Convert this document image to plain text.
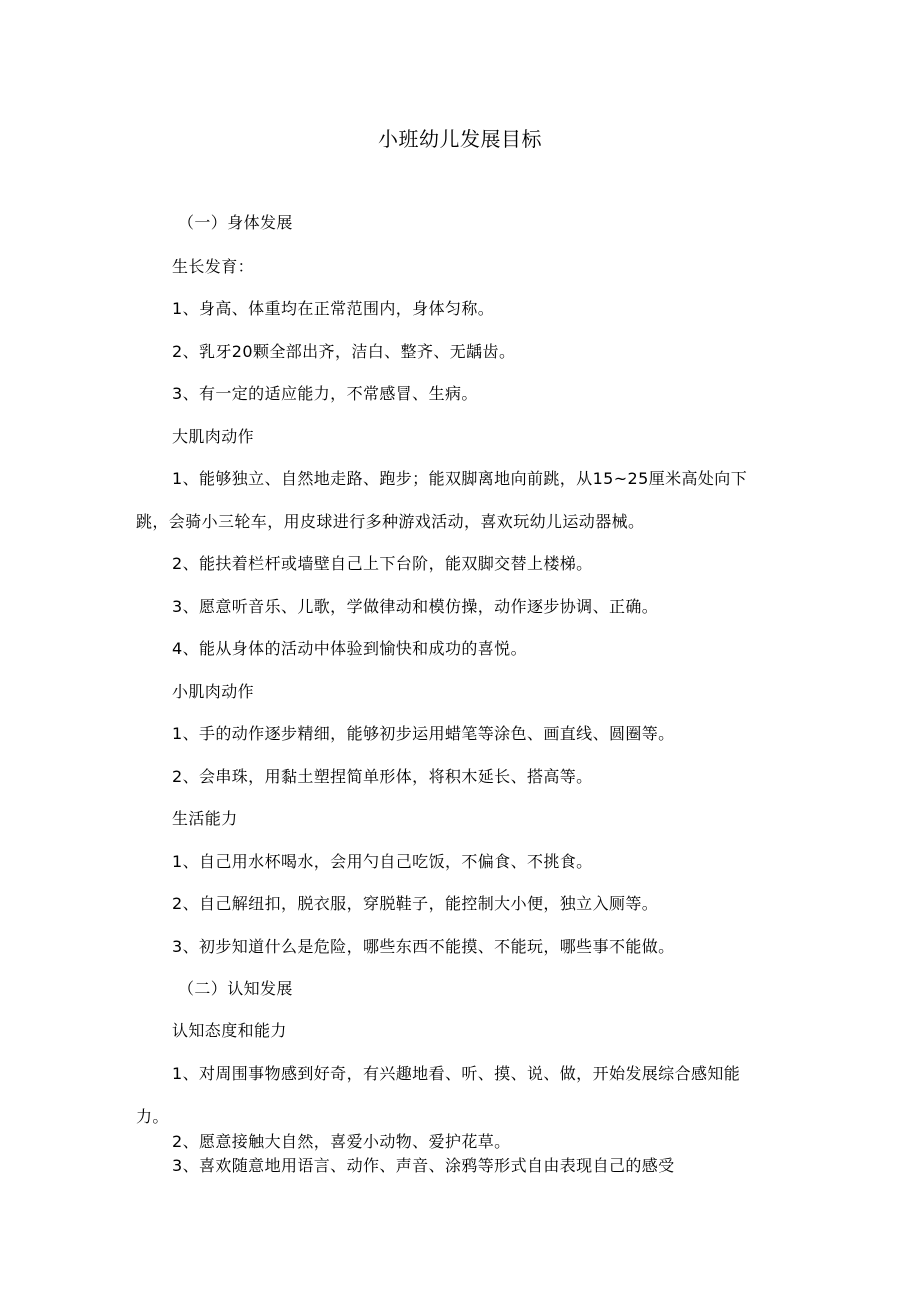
小班幼儿发展目标
（一）身体发展
生长发育：
1、身高、体重均在正常范围内，身体匀称。
2、乳牙20颗全部出齐，洁白、整齐、无龋齿。
3、有一定的适应能力，不常感冒、生病。
大肌肉动作
1、能够独立、自然地走路、跑步；能双脚离地向前跳，从15~25厘米高处向下
跳，会骑小三轮车，用皮球进行多种游戏活动，喜欢玩幼儿运动器械。
2、能扶着栏杆或墙壁自己上下台阶，能双脚交替上楼梯。
3、愿意听音乐、儿歌，学做律动和模仿操，动作逐步协调、正确。
4、能从身体的活动中体验到愉快和成功的喜悦。
小肌肉动作
1、手的动作逐步精细，能够初步运用蜡笔等涂色、画直线、圆圈等。
2、会串珠，用黏土塑捏简单形体，将积木延长、搭高等。
生活能力
1、自己用水杯喝水，会用勺自己吃饭，不偏食、不挑食。
2、自己解纽扣，脱衣服，穿脱鞋子，能控制大小便，独立入厕等。
3、初步知道什么是危险，哪些东西不能摸、不能玩，哪些事不能做。
（二）认知发展
认知态度和能力
1、对周围事物感到好奇，有兴趣地看、听、摸、说、做，开始发展综合感知能
力。
2、愿意接触大自然，喜爱小动物、爱护花草。
3、喜欢随意地用语言、动作、声音、涂鸦等形式自由表现自己的感受
